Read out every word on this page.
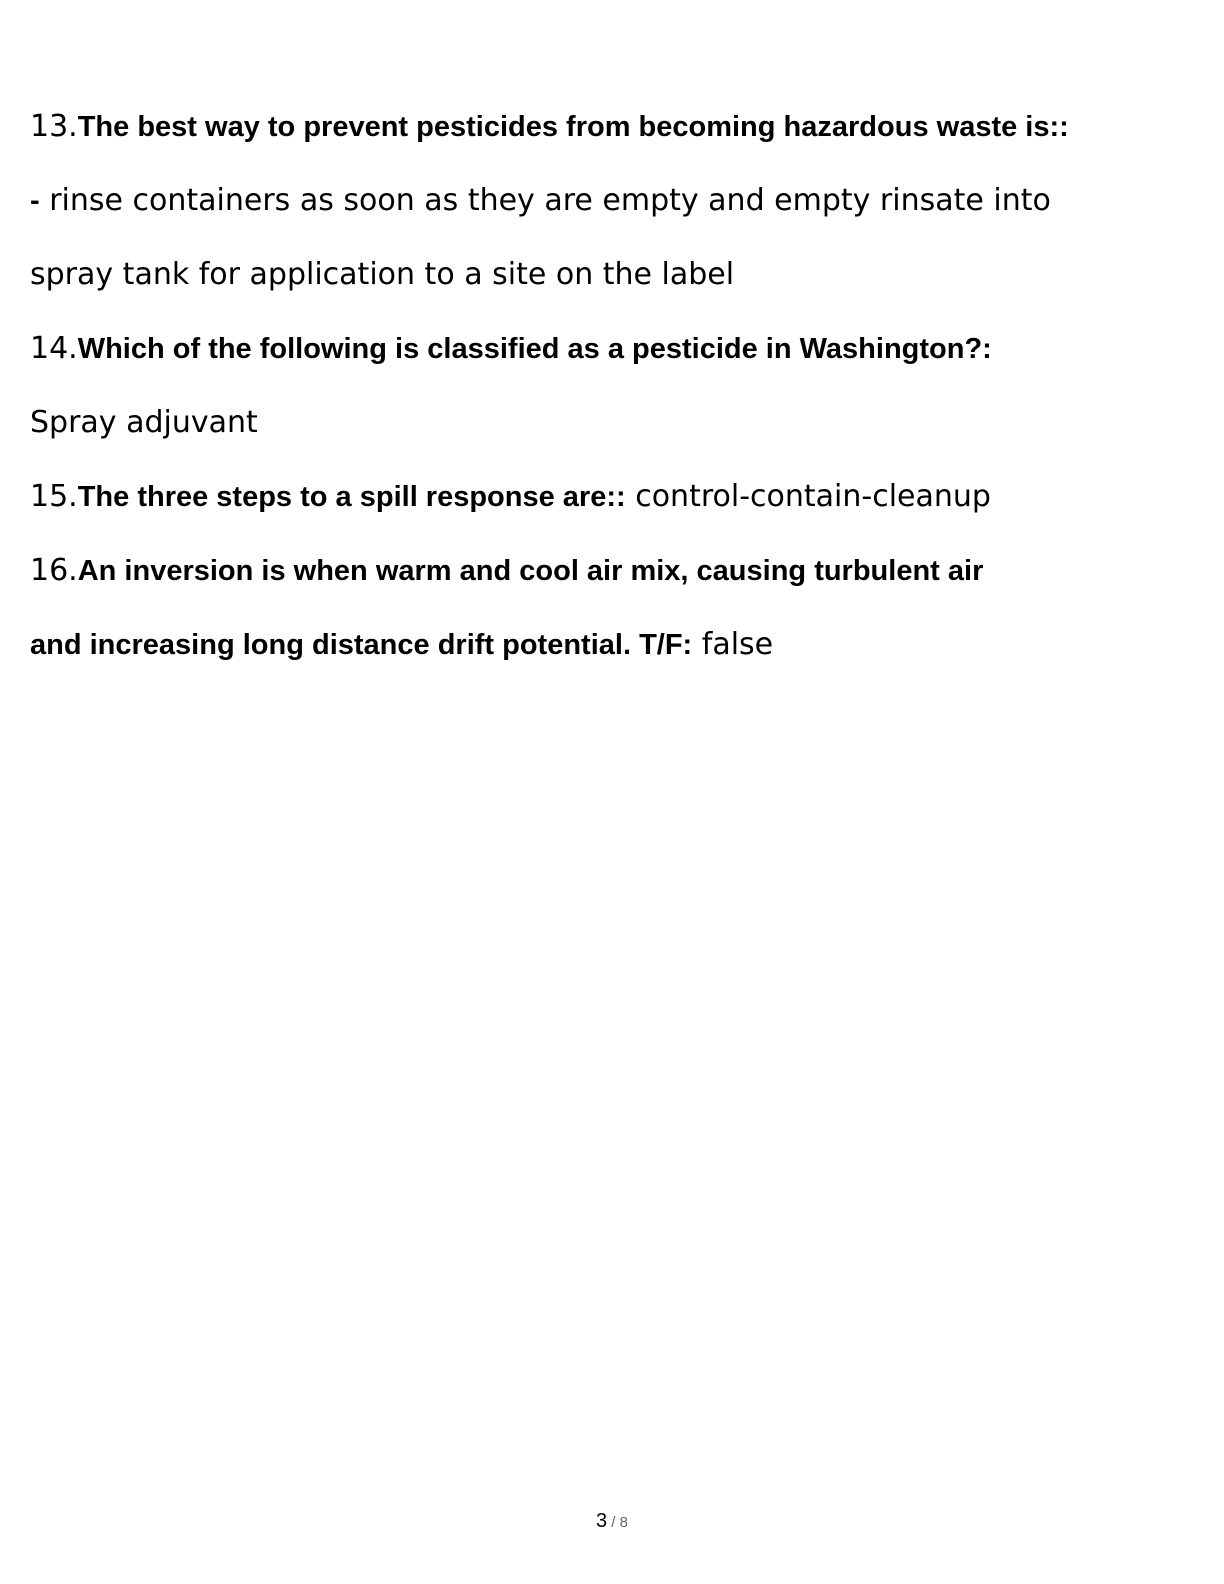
13.The best way to prevent pesticides from becoming hazardous waste is::
- rinse containers as soon as they are empty and empty rinsate into
spray tank for application to a site on the label
14.Which of the following is classified as a pesticide in Washington?:
Spray adjuvant
15.The three steps to a spill response are:: control-contain-cleanup
16.An inversion is when warm and cool air mix, causing turbulent air
and increasing long distance drift potential. T/F: false
3 / 8
